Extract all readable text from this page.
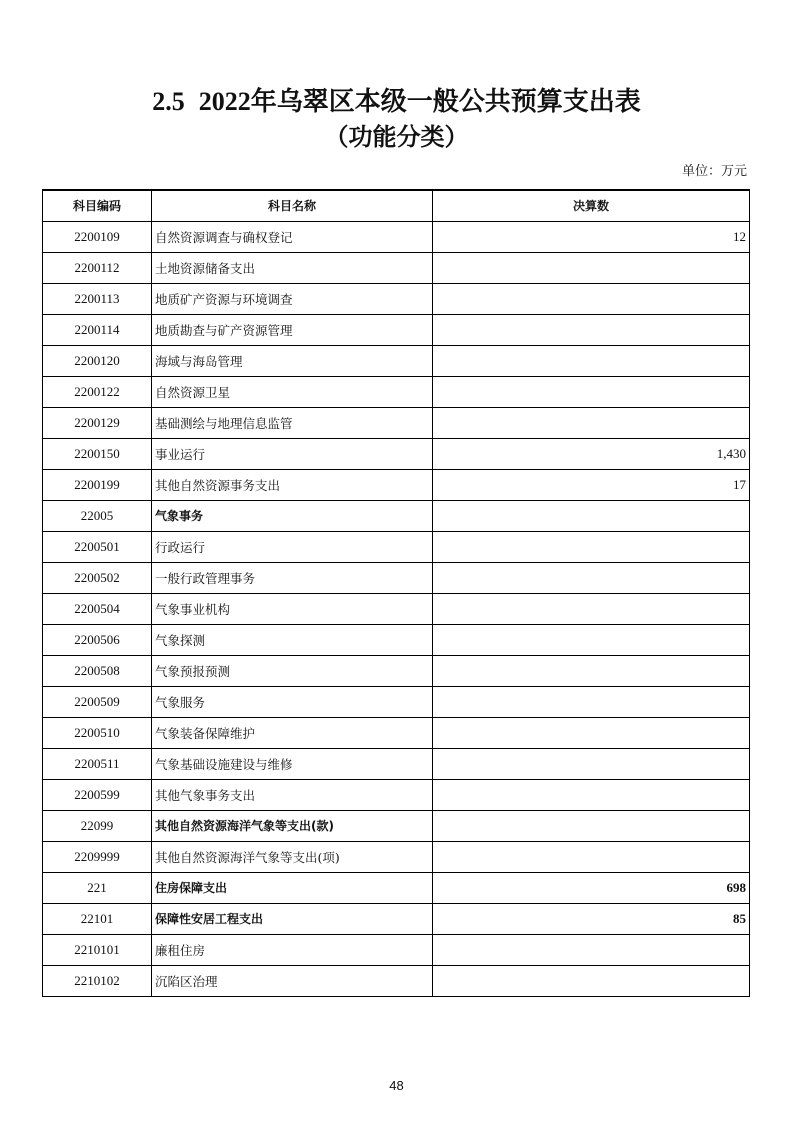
2.5 2022年乌翠区本级一般公共预算支出表
（功能分类）
单位：万元
科目编码	科目名称	决算数
2200109	自然资源调查与确权登记	12
2200112	土地资源储备支出	
2200113	地质矿产资源与环境调查	
2200114	地质勘查与矿产资源管理	
2200120	海域与海岛管理	
2200122	自然资源卫星	
2200129	基础测绘与地理信息监管	
2200150	事业运行	1,430
2200199	其他自然资源事务支出	17
22005	气象事务	
2200501	行政运行	
2200502	一般行政管理事务	
2200504	气象事业机构	
2200506	气象探测	
2200508	气象预报预测	
2200509	气象服务	
2200510	气象装备保障维护	
2200511	气象基础设施建设与维修	
2200599	其他气象事务支出	
22099	其他自然资源海洋气象等支出(款)	
2209999	其他自然资源海洋气象等支出(项)	
221	住房保障支出	698
22101	保障性安居工程支出	85
2210101	廉租住房	
2210102	沉陷区治理	
48
